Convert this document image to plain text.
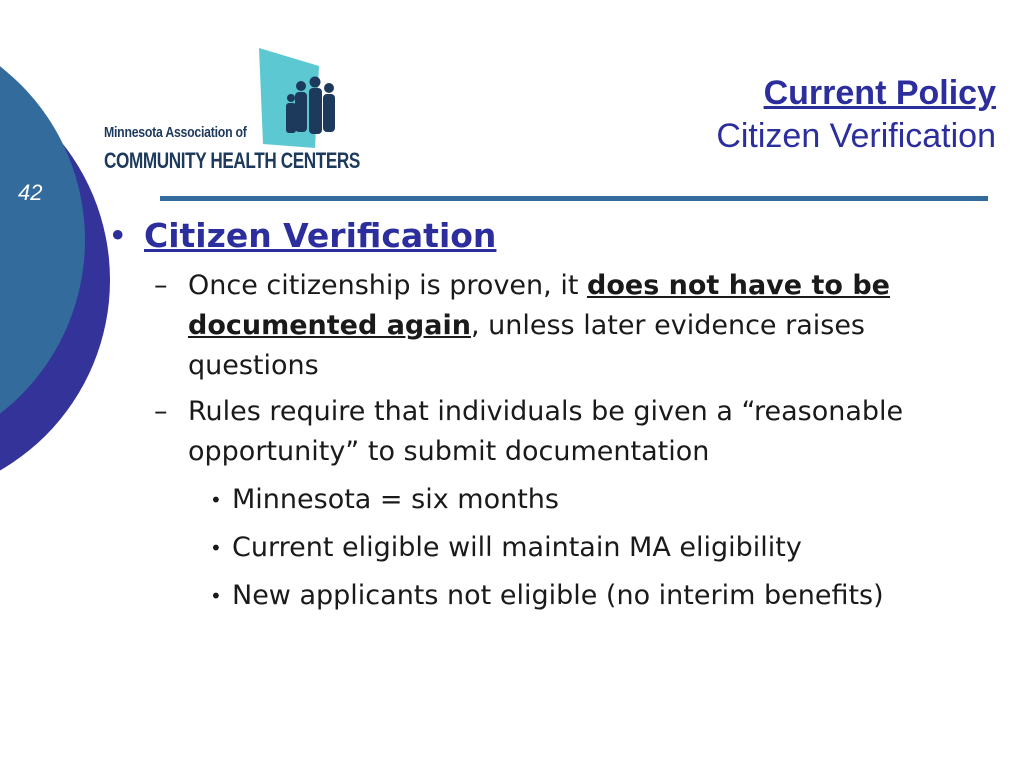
42
Minnesota Association of
COMMUNITY HEALTH CENTERS
Current Policy
Citizen Verification
• Citizen Verification
– Once citizenship is proven, it does not have to be documented again, unless later evidence raises questions
– Rules require that individuals be given a “reasonable opportunity” to submit documentation
• Minnesota = six months
• Current eligible will maintain MA eligibility
• New applicants not eligible (no interim benefits)
